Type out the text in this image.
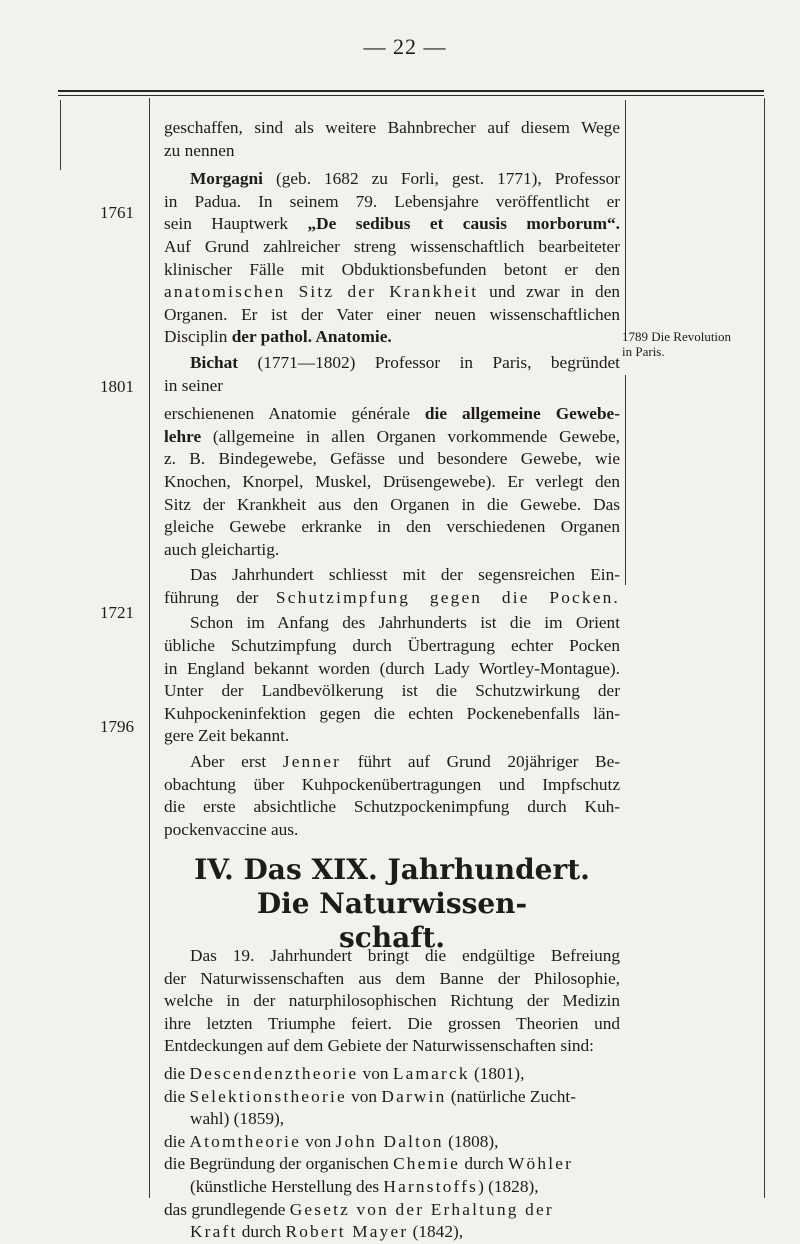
— 22 —
1761
1801
1721
1796
1789 Die Revolution
in Paris.
geschaffen, sind als weitere Bahnbrecher auf diesem Wege
zu nennen
Morgagni (geb. 1682 zu Forli, gest. 1771), Professor
in Padua. In seinem 79. Lebensjahre veröffentlicht er
sein Hauptwerk „De sedibus et causis morborum“.
Auf Grund zahlreicher streng wissenschaftlich bearbeiteter
klinischer Fälle mit Obduktionsbefunden betont er den
anatomischen Sitz der Krankheit und zwar in den
Organen. Er ist der Vater einer neuen wissenschaftlichen
Disciplin der pathol. Anatomie.
Bichat (1771—1802) Professor in Paris, begründet
in seiner
erschienenen Anatomie générale die allgemeine Gewebe-
lehre (allgemeine in allen Organen vorkommende Gewebe,
z. B. Bindegewebe, Gefässe und besondere Gewebe, wie
Knochen, Knorpel, Muskel, Drüsengewebe). Er verlegt den
Sitz der Krankheit aus den Organen in die Gewebe. Das
gleiche Gewebe erkranke in den verschiedenen Organen
auch gleichartig.
Das Jahrhundert schliesst mit der segensreichen Ein-
führung der Schutzimpfung gegen die Pocken.
Schon im Anfang des Jahrhunderts ist die im Orient
übliche Schutzimpfung durch Übertragung echter Pocken
in England bekannt worden (durch Lady Wortley-Montague).
Unter der Landbevölkerung ist die Schutzwirkung der
Kuhpockeninfektion gegen die echten Pockenebenfalls län-
gere Zeit bekannt.
Aber erst Jenner führt auf Grund 20jähriger Be-
obachtung über Kuhpockenübertragungen und Impfschutz
die erste absichtliche Schutzpockenimpfung durch Kuh-
pockenvaccine aus.
IV. Das XIX. Jahrhundert. Die Naturwissen-
schaft.
Das 19. Jahrhundert bringt die endgültige Befreiung
der Naturwissenschaften aus dem Banne der Philosophie,
welche in der naturphilosophischen Richtung der Medizin
ihre letzten Triumphe feiert. Die grossen Theorien und
Entdeckungen auf dem Gebiete der Naturwissenschaften sind:
die Descendenztheorie von Lamarck (1801),
die Selektionstheorie von Darwin (natürliche Zucht-
wahl) (1859),
die Atomtheorie von John Dalton (1808),
die Begründung der organischen Chemie durch Wöhler
(künstliche Herstellung des Harnstoffs) (1828),
das grundlegende Gesetz von der Erhaltung der
Kraft durch Robert Mayer (1842),
